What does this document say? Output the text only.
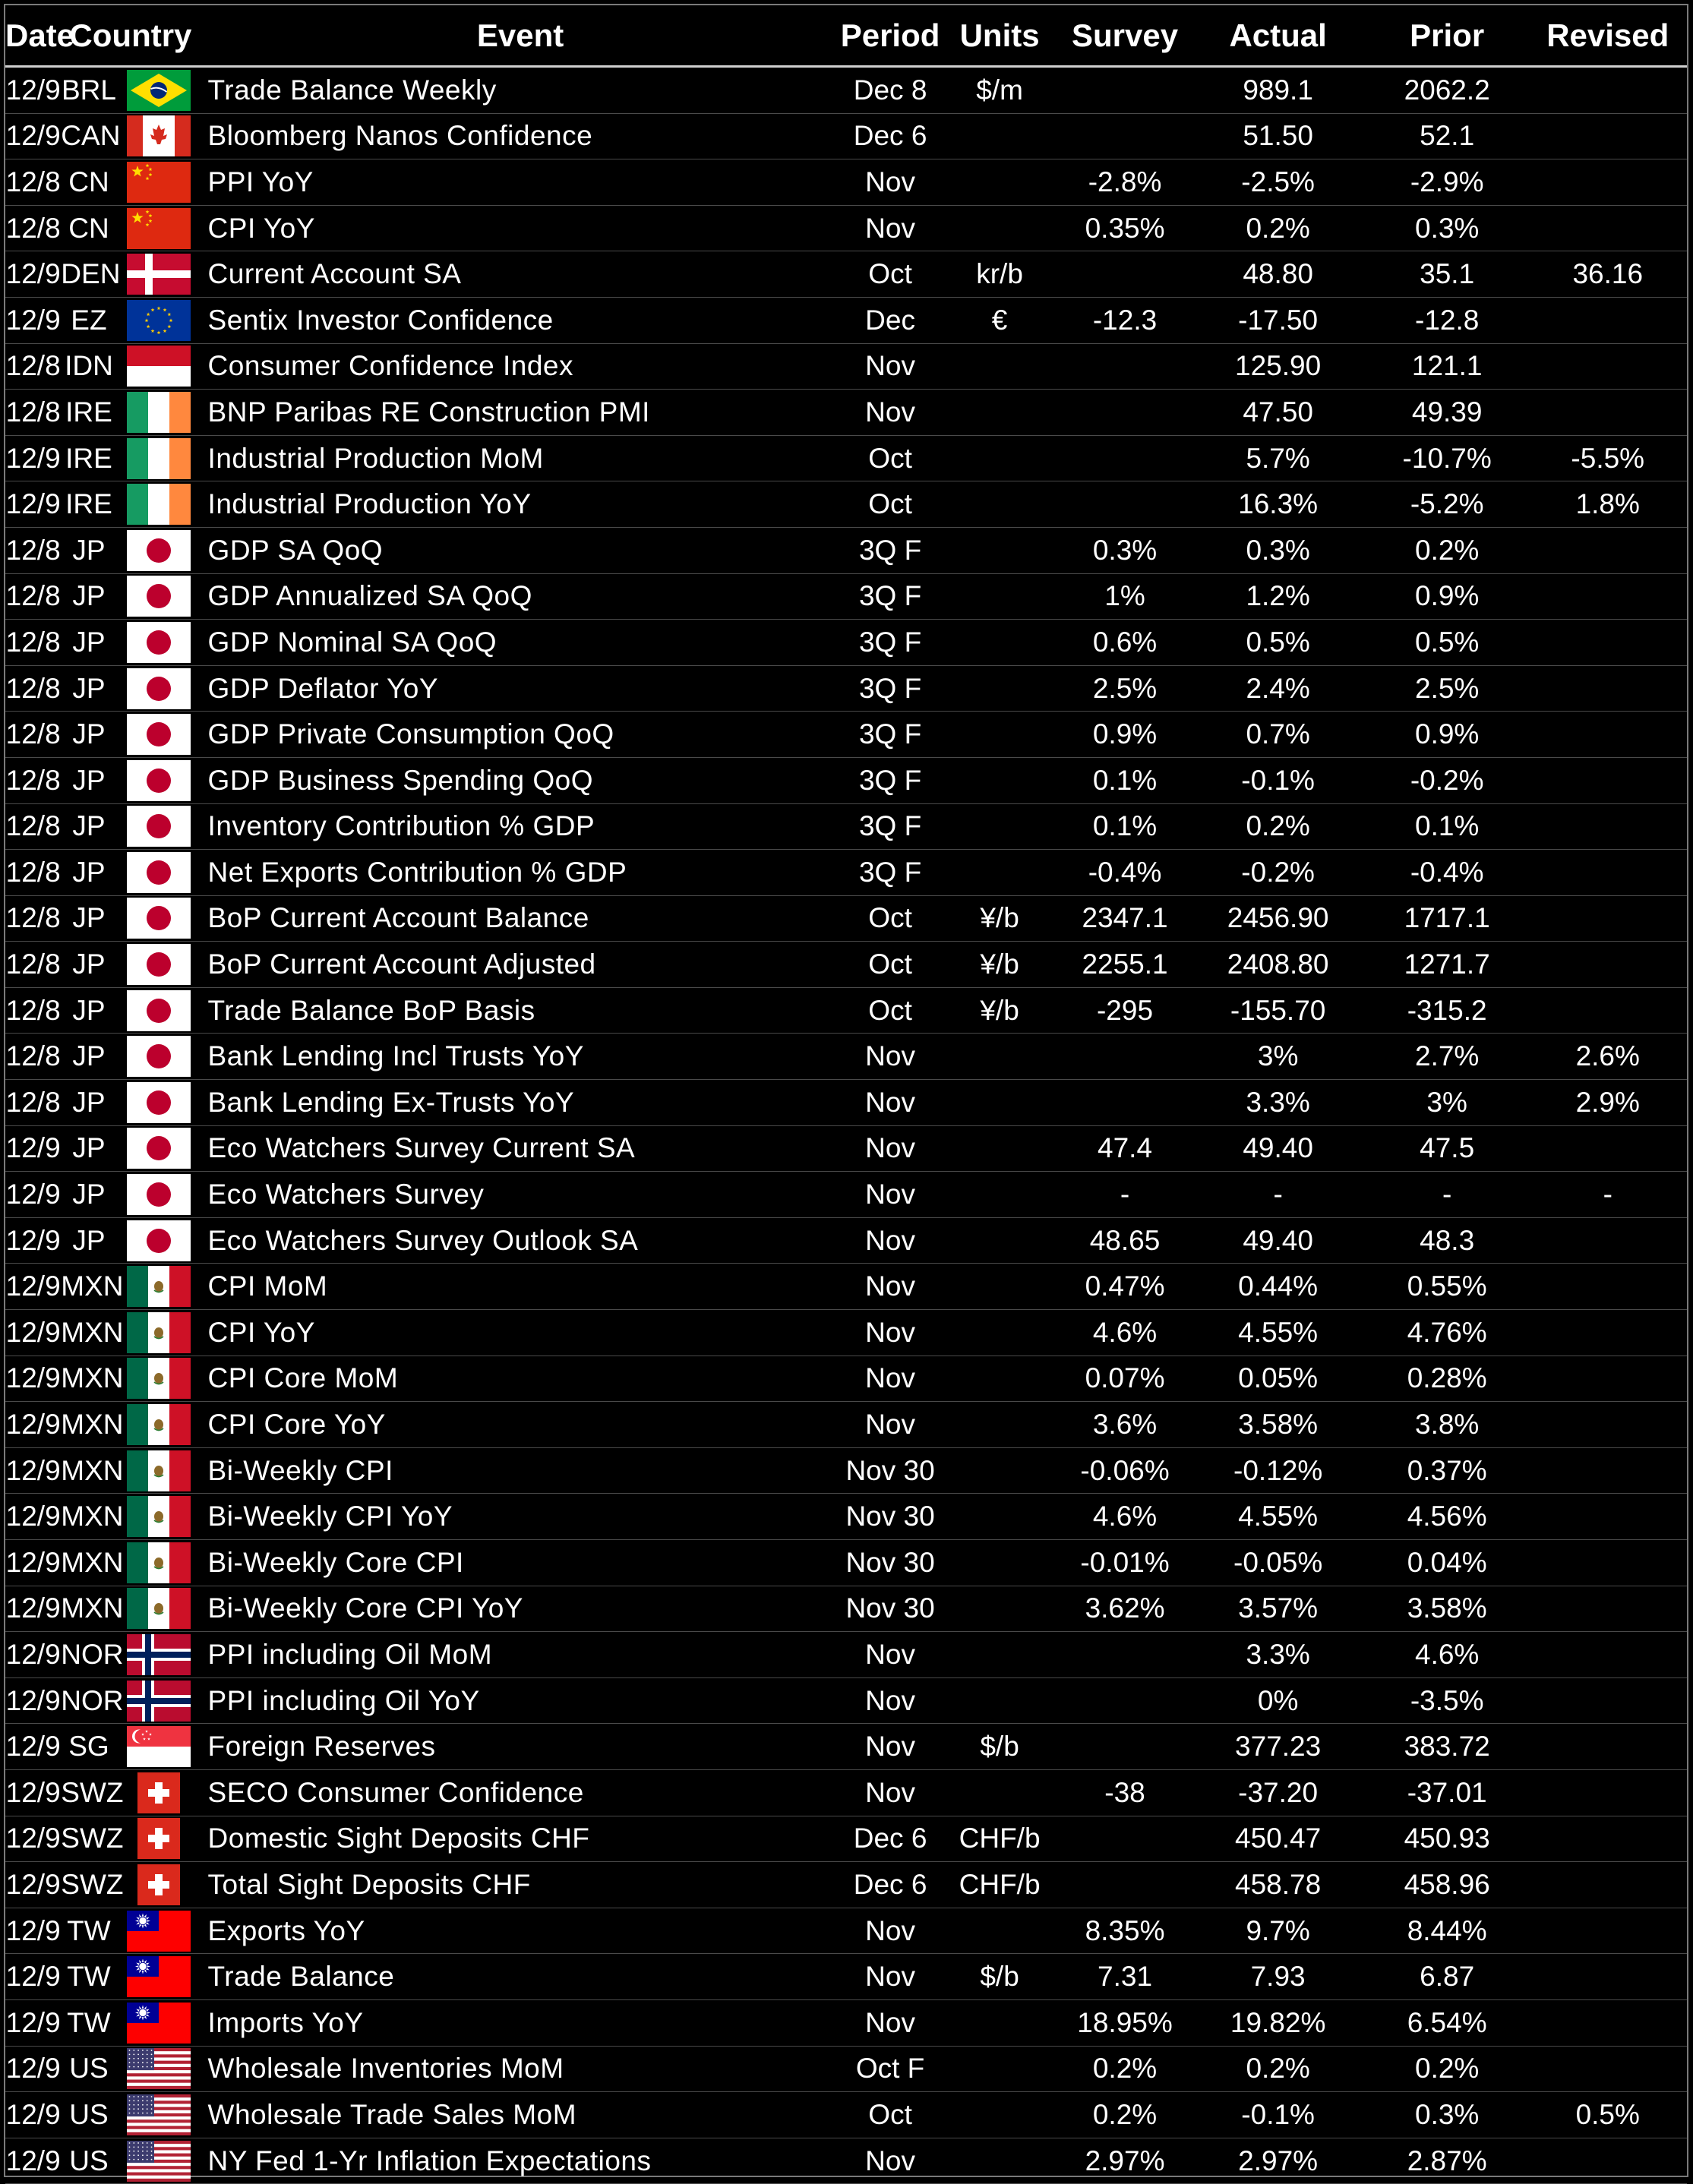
Date	Country		Event	Period	Units	Survey	Actual	Prior	Revised
12/9	BRL		Trade Balance Weekly	Dec 8	$/m		989.1	2062.2	
12/9	CAN		Bloomberg Nanos Confidence	Dec 6			51.50	52.1	
12/8	CN		PPI YoY	Nov		-2.8%	-2.5%	-2.9%	
12/8	CN		CPI YoY	Nov		0.35%	0.2%	0.3%	
12/9	DEN		Current Account SA	Oct	kr/b		48.80	35.1	36.16
12/9	EZ		Sentix Investor Confidence	Dec	€	-12.3	-17.50	-12.8	
12/8	IDN		Consumer Confidence Index	Nov			125.90	121.1	
12/8	IRE		BNP Paribas RE Construction PMI	Nov			47.50	49.39	
12/9	IRE		Industrial Production MoM	Oct			5.7%	-10.7%	-5.5%
12/9	IRE		Industrial Production YoY	Oct			16.3%	-5.2%	1.8%
12/8	JP		GDP SA QoQ	3Q F		0.3%	0.3%	0.2%	
12/8	JP		GDP Annualized SA QoQ	3Q F		1%	1.2%	0.9%	
12/8	JP		GDP Nominal SA QoQ	3Q F		0.6%	0.5%	0.5%	
12/8	JP		GDP Deflator YoY	3Q F		2.5%	2.4%	2.5%	
12/8	JP		GDP Private Consumption QoQ	3Q F		0.9%	0.7%	0.9%	
12/8	JP		GDP Business Spending QoQ	3Q F		0.1%	-0.1%	-0.2%	
12/8	JP		Inventory Contribution % GDP	3Q F		0.1%	0.2%	0.1%	
12/8	JP		Net Exports Contribution % GDP	3Q F		-0.4%	-0.2%	-0.4%	
12/8	JP		BoP Current Account Balance	Oct	¥/b	2347.1	2456.90	1717.1	
12/8	JP		BoP Current Account Adjusted	Oct	¥/b	2255.1	2408.80	1271.7	
12/8	JP		Trade Balance BoP Basis	Oct	¥/b	-295	-155.70	-315.2	
12/8	JP		Bank Lending Incl Trusts YoY	Nov			3%	2.7%	2.6%
12/8	JP		Bank Lending Ex-Trusts YoY	Nov			3.3%	3%	2.9%
12/9	JP		Eco Watchers Survey Current SA	Nov		47.4	49.40	47.5	
12/9	JP		Eco Watchers Survey	Nov		-	-	-	-
12/9	JP		Eco Watchers Survey Outlook SA	Nov		48.65	49.40	48.3	
12/9	MXN		CPI MoM	Nov		0.47%	0.44%	0.55%	
12/9	MXN		CPI YoY	Nov		4.6%	4.55%	4.76%	
12/9	MXN		CPI Core MoM	Nov		0.07%	0.05%	0.28%	
12/9	MXN		CPI Core YoY	Nov		3.6%	3.58%	3.8%	
12/9	MXN		Bi-Weekly CPI	Nov 30		-0.06%	-0.12%	0.37%	
12/9	MXN		Bi-Weekly CPI YoY	Nov 30		4.6%	4.55%	4.56%	
12/9	MXN		Bi-Weekly Core CPI	Nov 30		-0.01%	-0.05%	0.04%	
12/9	MXN		Bi-Weekly Core CPI YoY	Nov 30		3.62%	3.57%	3.58%	
12/9	NOR		PPI including Oil MoM	Nov			3.3%	4.6%	
12/9	NOR		PPI including Oil YoY	Nov			0%	-3.5%	
12/9	SG		Foreign Reserves	Nov	$/b		377.23	383.72	
12/9	SWZ		SECO Consumer Confidence	Nov		-38	-37.20	-37.01	
12/9	SWZ		Domestic Sight Deposits CHF	Dec 6	CHF/b		450.47	450.93	
12/9	SWZ		Total Sight Deposits CHF	Dec 6	CHF/b		458.78	458.96	
12/9	TW		Exports YoY	Nov		8.35%	9.7%	8.44%	
12/9	TW		Trade Balance	Nov	$/b	7.31	7.93	6.87	
12/9	TW		Imports YoY	Nov		18.95%	19.82%	6.54%	
12/9	US		Wholesale Inventories MoM	Oct F		0.2%	0.2%	0.2%	
12/9	US		Wholesale Trade Sales MoM	Oct		0.2%	-0.1%	0.3%	0.5%
12/9	US		NY Fed 1-Yr Inflation Expectations	Nov		2.97%	2.97%	2.87%	
